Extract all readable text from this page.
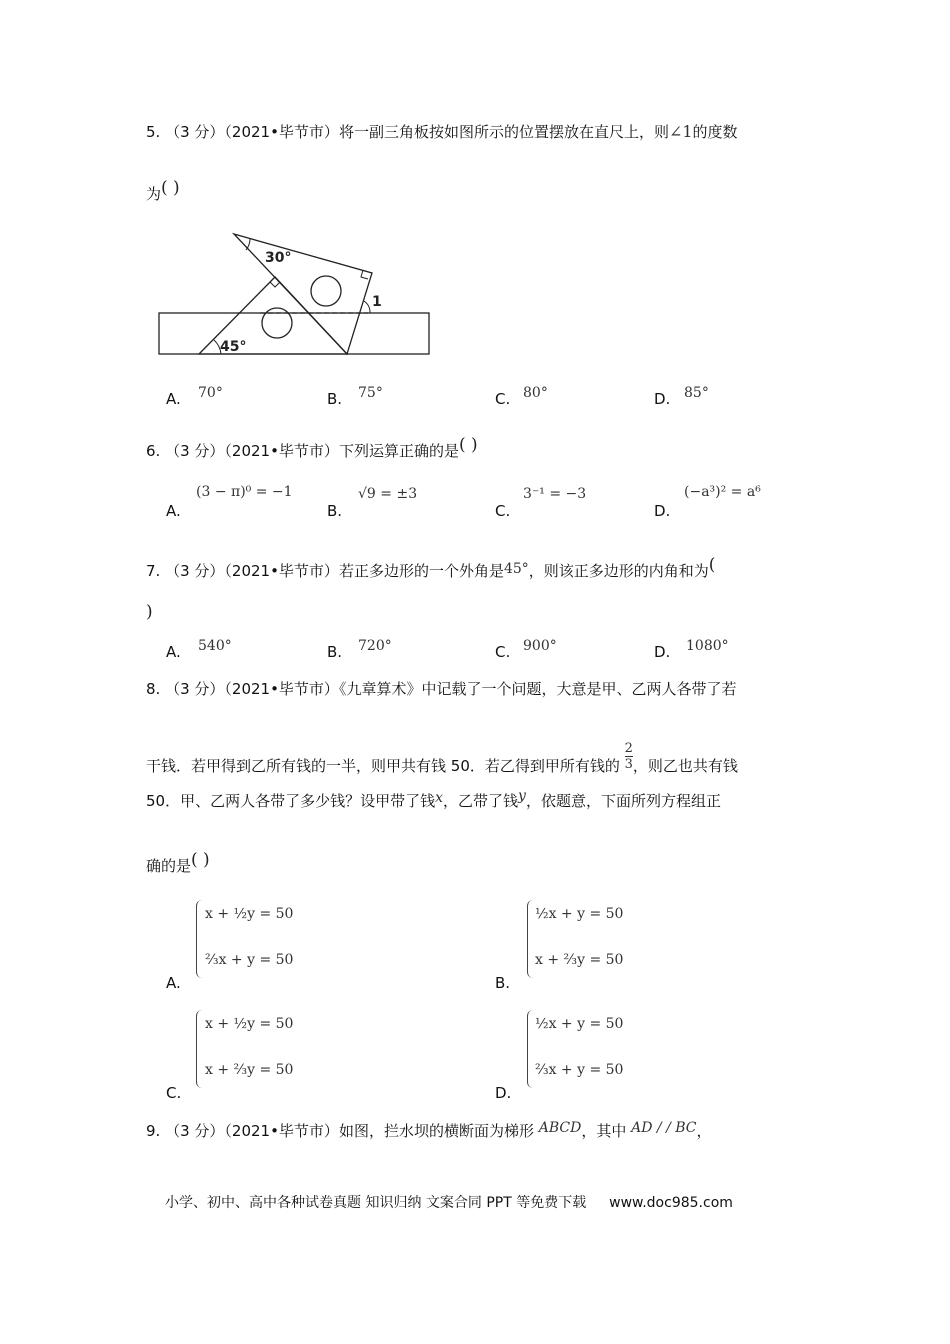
5. （3 分）（2021•毕节市）将一副三角板按如图所示的位置摆放在直尺上，则∠1的度数
为( )
30°
45°
1
A. 70°	B. 75°	C. 80°	D. 85°
6. （3 分）（2021•毕节市）下列运算正确的是( )
A.
(3 − π)⁰ = −1
B.
√9 = ±3
C.
3⁻¹ = −3
D.
(−a³)² = a⁶
7. （3 分）（2021•毕节市）若正多边形的一个外角是45°，则该正多边形的内角和为(
)
A. 540°	B. 720°	C. 900°	D. 1080°
8. （3 分）（2021•毕节市）《九章算术》中记载了一个问题，大意是甲、乙两人各带了若
干钱．若甲得到乙所有钱的一半，则甲共有钱 50．若乙得到甲所有钱的 $\frac{2}{3}$ ，则乙也共有钱
50．甲、乙两人各带了多少钱？设甲带了钱x，乙带了钱y，依题意，下面所列方程组正
确的是( )
A.
x + ½y = 50
⅔x + y = 50
B.
½x + y = 50
x + ⅔y = 50
C.
x + ½y = 50
x + ⅔y = 50
D.
½x + y = 50
⅔x + y = 50
9. （3 分）（2021•毕节市）如图，拦水坝的横断面为梯形 ABCD，其中 AD / / BC，
小学、初中、高中各种试卷真题 知识归纳 文案合同 PPT 等免费下载 www.doc985.com
